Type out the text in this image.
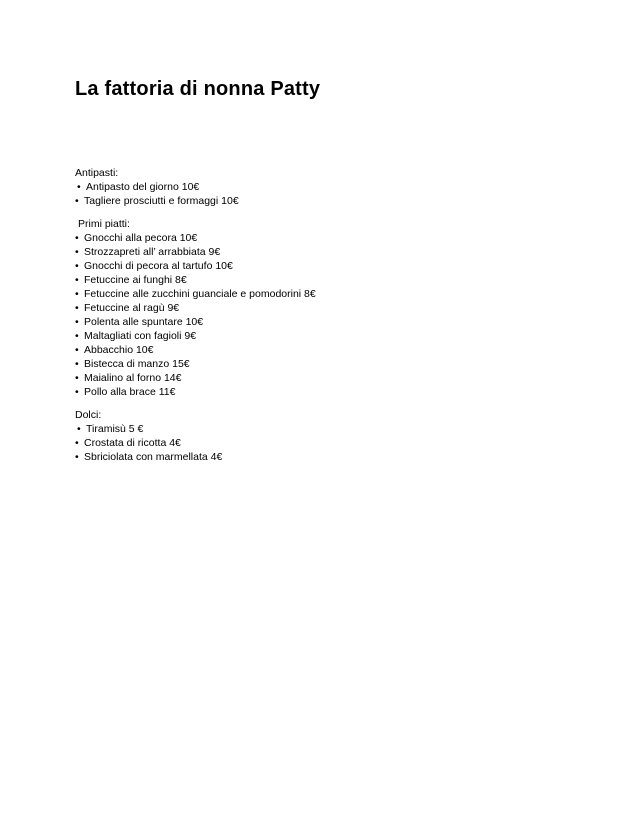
La fattoria di nonna Patty

Antipasti:

• Antipasto del giorno 10€
• Tagliere prosciutti e formaggi 10€

Primi piatti:

• Gnocchi alla pecora 10€
• Strozzapreti all’ arrabbiata 9€
• Gnocchi di pecora al tartufo 10€
• Fetuccine ai funghi 8€
• Fetuccine alle zucchini guanciale e pomodorini 8€
• Fetuccine al ragù 9€
• Polenta alle spuntare 10€
• Maltagliati con fagioli 9€
• Abbacchio 10€
• Bistecca di manzo 15€
• Maialino al forno 14€
• Pollo alla brace 11€

Dolci:

• Tiramisù 5 €
• Crostata di ricotta 4€
• Sbriciolata con marmellata 4€
